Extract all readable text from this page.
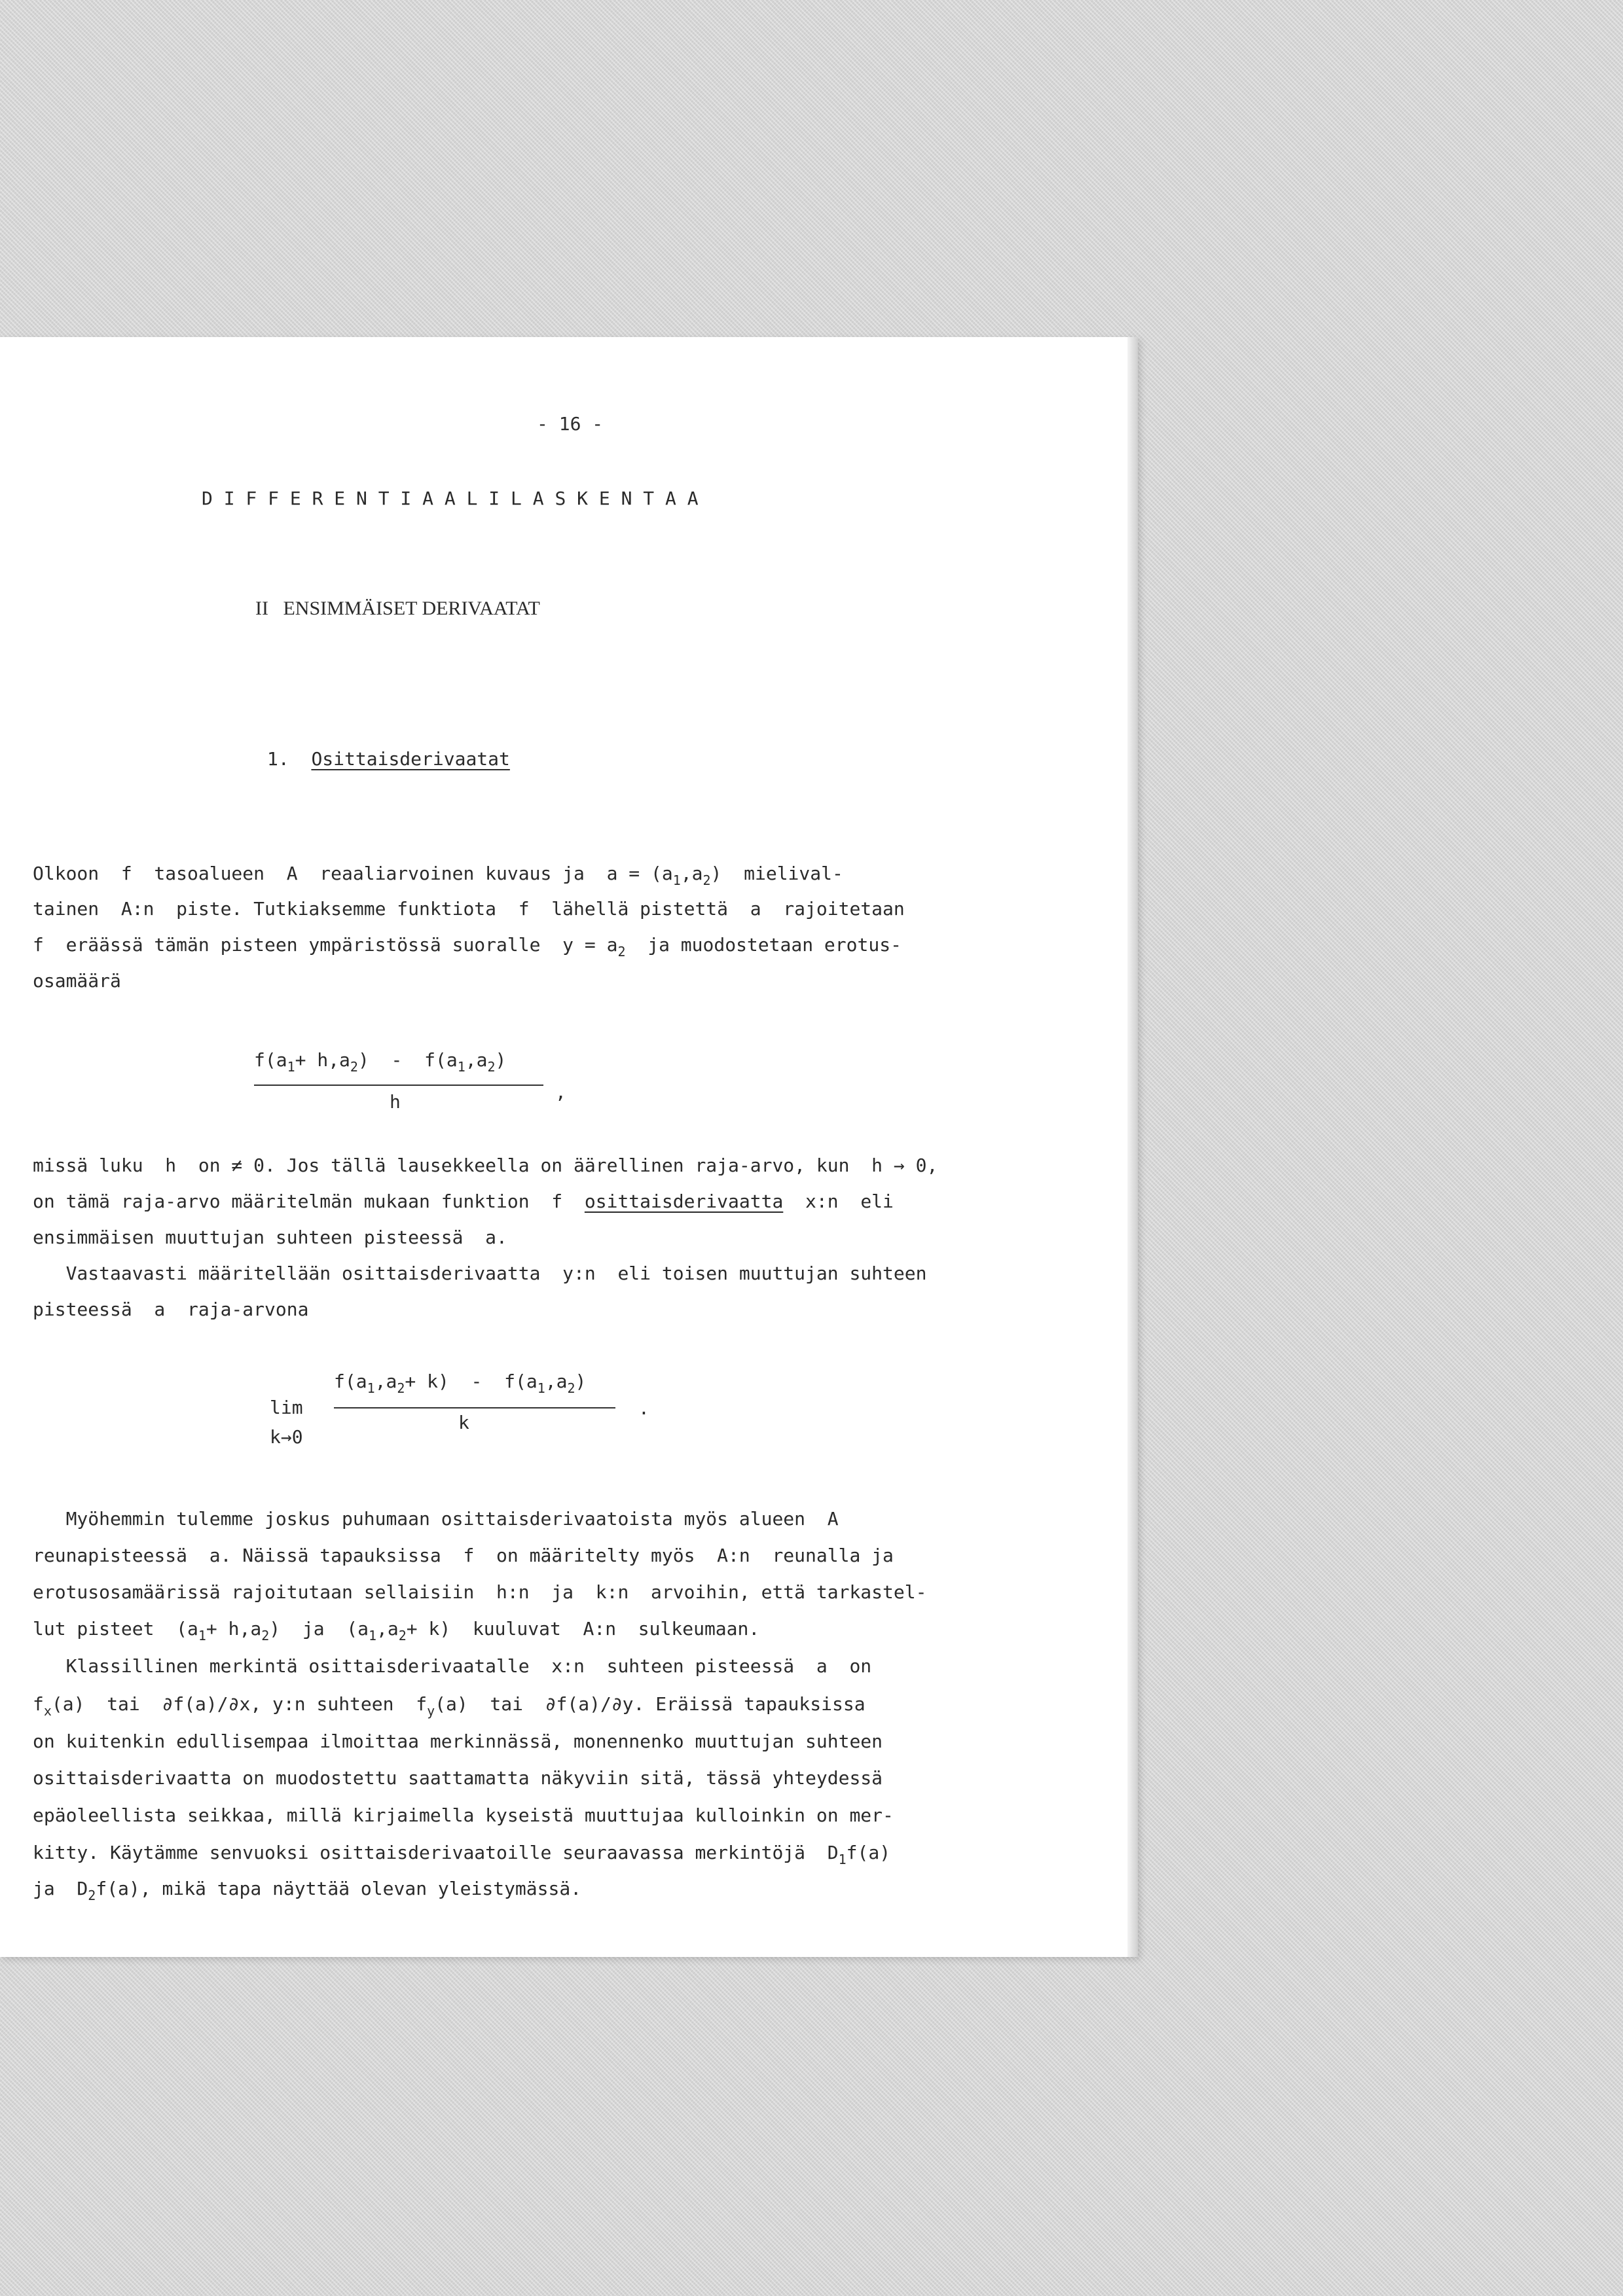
- 16 -
D I F F E R E N T I A A L I L A S K E N T A A
II   ENSIMMÄISET DERIVAATAT
1. Osittaisderivaatat
Olkoon  f  tasoalueen  A  reaaliarvoinen kuvaus ja  $a = (a_1,a_2)$  mielival-
tainen  A:n  piste. Tutkiaksemme funktiota  f  lähellä pistettä  a  rajoitetaan
f  eräässä tämän pisteen ympäristössä suoralle  $y = a_2$  ja muodostetaan erotus-
osamäärä
$f(a_1+ h,a_2) - f(a_1,a_2)$
h	,
missä luku  h  on ≠ 0. Jos tällä lausekkeella on äärellinen raja-arvo, kun  h → 0,
on tämä raja-arvo määritelmän mukaan funktion  f  osittaisderivaatta  x:n  eli
ensimmäisen muuttujan suhteen pisteessä  a.
Vastaavasti määritellään osittaisderivaatta  y:n  eli toisen muuttujan suhteen
pisteessä  a  raja-arvona
$f(a_1,a_2+ k) - f(a_1,a_2)$
lim
k→0
k
.
Myöhemmin tulemme joskus puhumaan osittaisderivaatoista myös alueen  A
reunapisteessä  a. Näissä tapauksissa  f  on määritelty myös  A:n  reunalla ja
erotusosamäärissä rajoitutaan sellaisiin  h:n  ja  k:n  arvoihin, että tarkastel-
lut pisteet  $(a_1+ h,a_2)$  ja  $(a_1,a_2+ k)$  kuuluvat  A:n  sulkeumaan.
Klassillinen merkintä osittaisderivaatalle  x:n  suhteen pisteessä  a  on
$f_x(a)$  tai  ∂f(a)/∂x, y:n suhteen  $f_y(a)$  tai  ∂f(a)/∂y. Eräissä tapauksissa
on kuitenkin edullisempaa ilmoittaa merkinnässä, monennenko muuttujan suhteen
osittaisderivaatta on muodostettu saattamatta näkyviin sitä, tässä yhteydessä
epäoleellista seikkaa, millä kirjaimella kyseistä muuttujaa kulloinkin on mer-
kitty. Käytämme senvuoksi osittaisderivaatoille seuraavassa merkintöjä  $D_1f(a)$
ja  $D_2f(a)$, mikä tapa näyttää olevan yleistymässä.
